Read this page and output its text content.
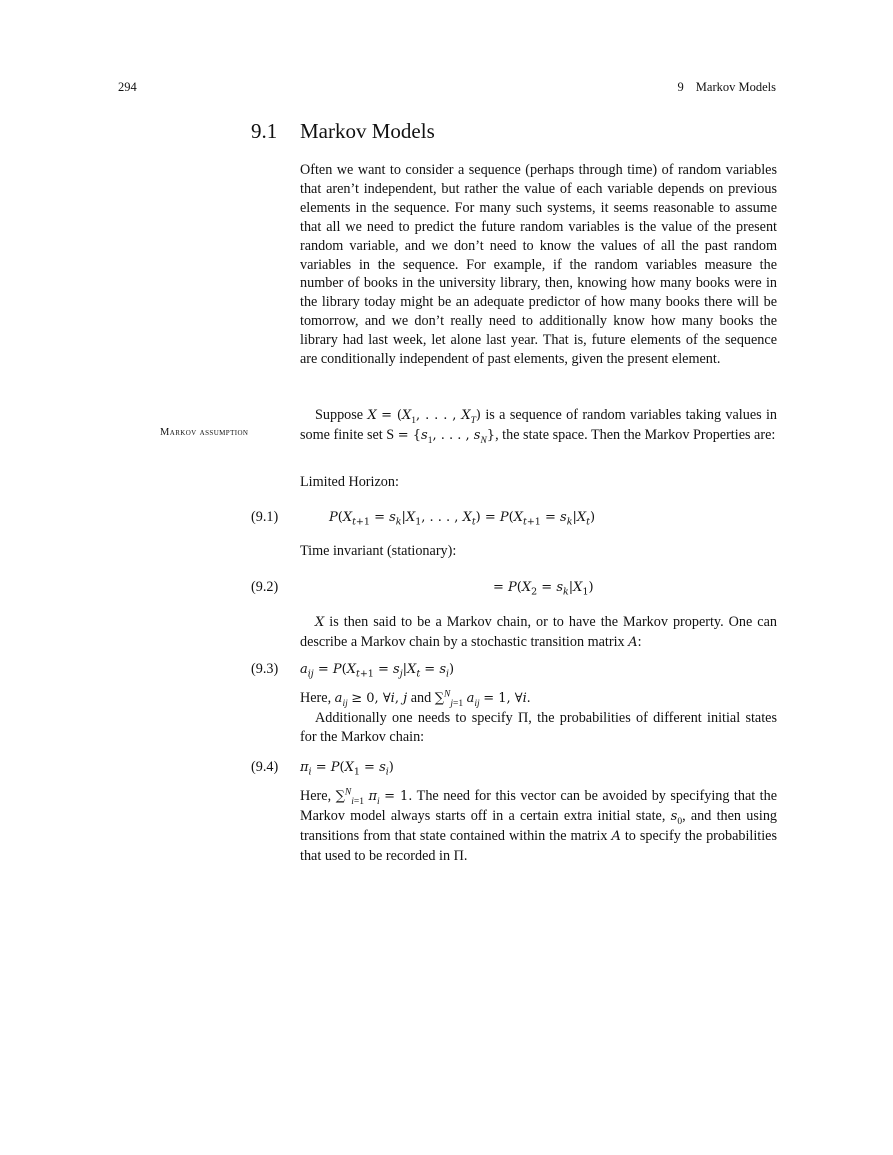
294	9 Markov Models
9.1 Markov Models
Often we want to consider a sequence (perhaps through time) of random variables that aren’t independent, but rather the value of each variable depends on previous elements in the sequence. For many such systems, it seems reasonable to assume that all we need to predict the future random variables is the value of the present random variable, and we don’t need to know the values of all the past random variables in the sequence. For example, if the random variables measure the number of books in the university library, then, knowing how many books were in the library today might be an adequate predictor of how many books there will be tomorrow, and we don’t really need to additionally know how many books the library had last week, let alone last year. That is, future elements of the sequence are conditionally independent of past elements, given the present element.
Markov assumption
Suppose $X = (X_1$, . . . , $X_T$) is a sequence of random variables taking values in some finite set $S = \{s_1$, . . . , $s_N$}, the state space. Then the Markov Properties are:
Limited Horizon:
(9.1)	$P(X_{t+1} = s_k|X_1$, . . . , $X_t) = P(X_{t+1} = s_k|X_t)$
Time invariant (stationary):
(9.2)	= $P(X_2 = s_k|X_1)$
X is then said to be a Markov chain, or to have the Markov property. One can describe a Markov chain by a stochastic transition matrix A:
(9.3) $a_{ij} = P(X_{t+1} = s_j|X_t = s_i)$
Here, $a_{ij} \ge 0$, ∀i, j and ∑$^N_{j=1}$ $a_{ij} = 1$, ∀i.
Additionally one needs to specify Π, the probabilities of different initial states for the Markov chain:
(9.4) $\pi_i = P(X_1 = s_i)$
Here, ∑$^N_{i=1}$ $\pi_i = 1$. The need for this vector can be avoided by specifying that the Markov model always starts off in a certain extra initial state, $s_0$, and then using transitions from that state contained within the matrix A to specify the probabilities that used to be recorded in Π.
